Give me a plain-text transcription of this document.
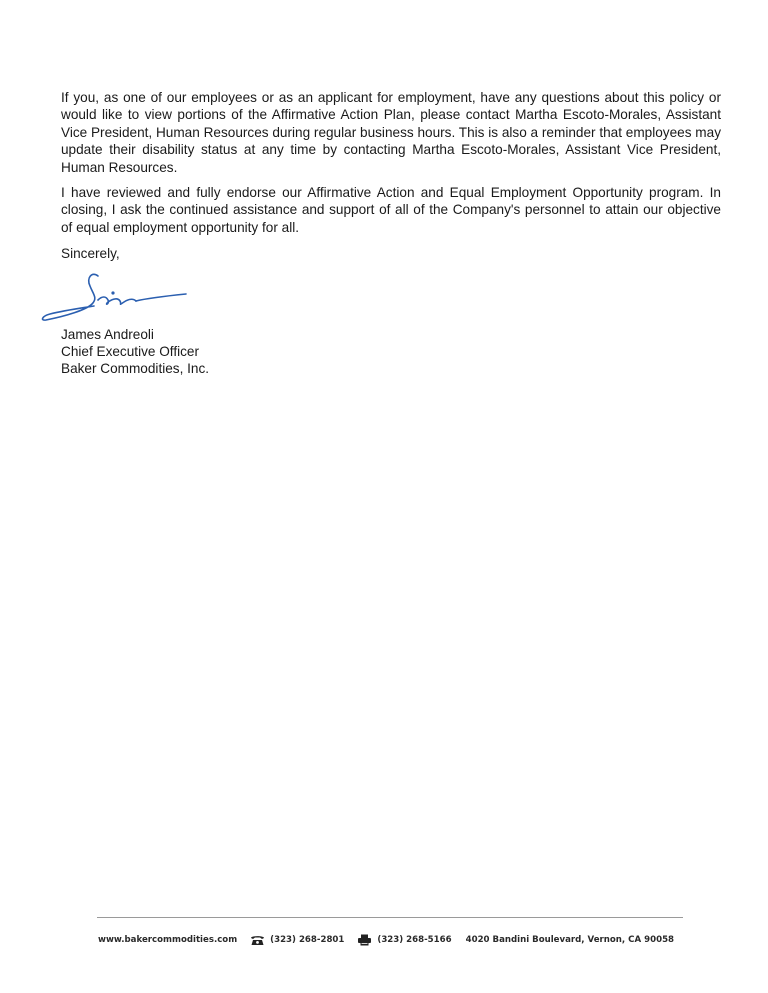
If you, as one of our employees or as an applicant for employment, have any questions about this policy or would like to view portions of the Affirmative Action Plan, please contact Martha Escoto-Morales, Assistant Vice President, Human Resources during regular business hours. This is also a reminder that employees may update their disability status at any time by contacting Martha Escoto-Morales, Assistant Vice President, Human Resources.

I have reviewed and fully endorse our Affirmative Action and Equal Employment Opportunity program. In closing, I ask the continued assistance and support of all of the Company's personnel to attain our objective of equal employment opportunity for all.

Sincerely,

James Andreoli
Chief Executive Officer
Baker Commodities, Inc.
www.bakercommodities.com	(323) 268-2801	(323) 268-5166 4020 Bandini Boulevard, Vernon, CA 90058
